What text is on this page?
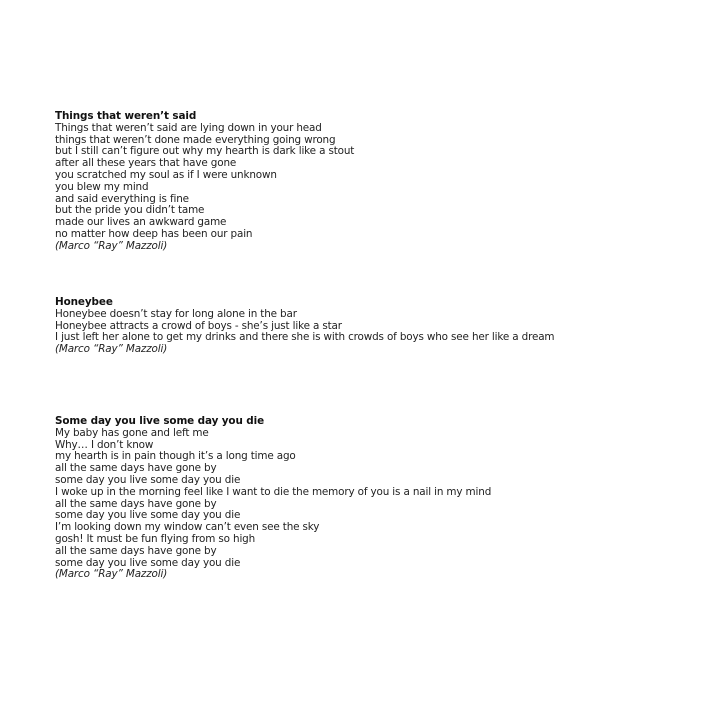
Things that weren’t said
Things that weren’t said are lying down in your head
things that weren’t done made everything going wrong
but I still can’t figure out why my hearth is dark like a stout
after all these years that have gone
you scratched my soul as if I were unknown
you blew my mind
and said everything is fine
but the pride you didn’t tame
made our lives an awkward game
no matter how deep has been our pain
(Marco “Ray” Mazzoli)
Honeybee
Honeybee doesn’t stay for long alone in the bar
Honeybee attracts a crowd of boys - she’s just like a star
I just left her alone to get my drinks and there she is with crowds of boys who see her like a dream
(Marco “Ray” Mazzoli)
Some day you live some day you die
My baby has gone and left me
Why… I don’t know
my hearth is in pain though it’s a long time ago
all the same days have gone by
some day you live some day you die
I woke up in the morning feel like I want to die the memory of you is a nail in my mind
all the same days have gone by
some day you live some day you die
I’m looking down my window can’t even see the sky
gosh! It must be fun flying from so high
all the same days have gone by
some day you live some day you die
(Marco “Ray” Mazzoli)
